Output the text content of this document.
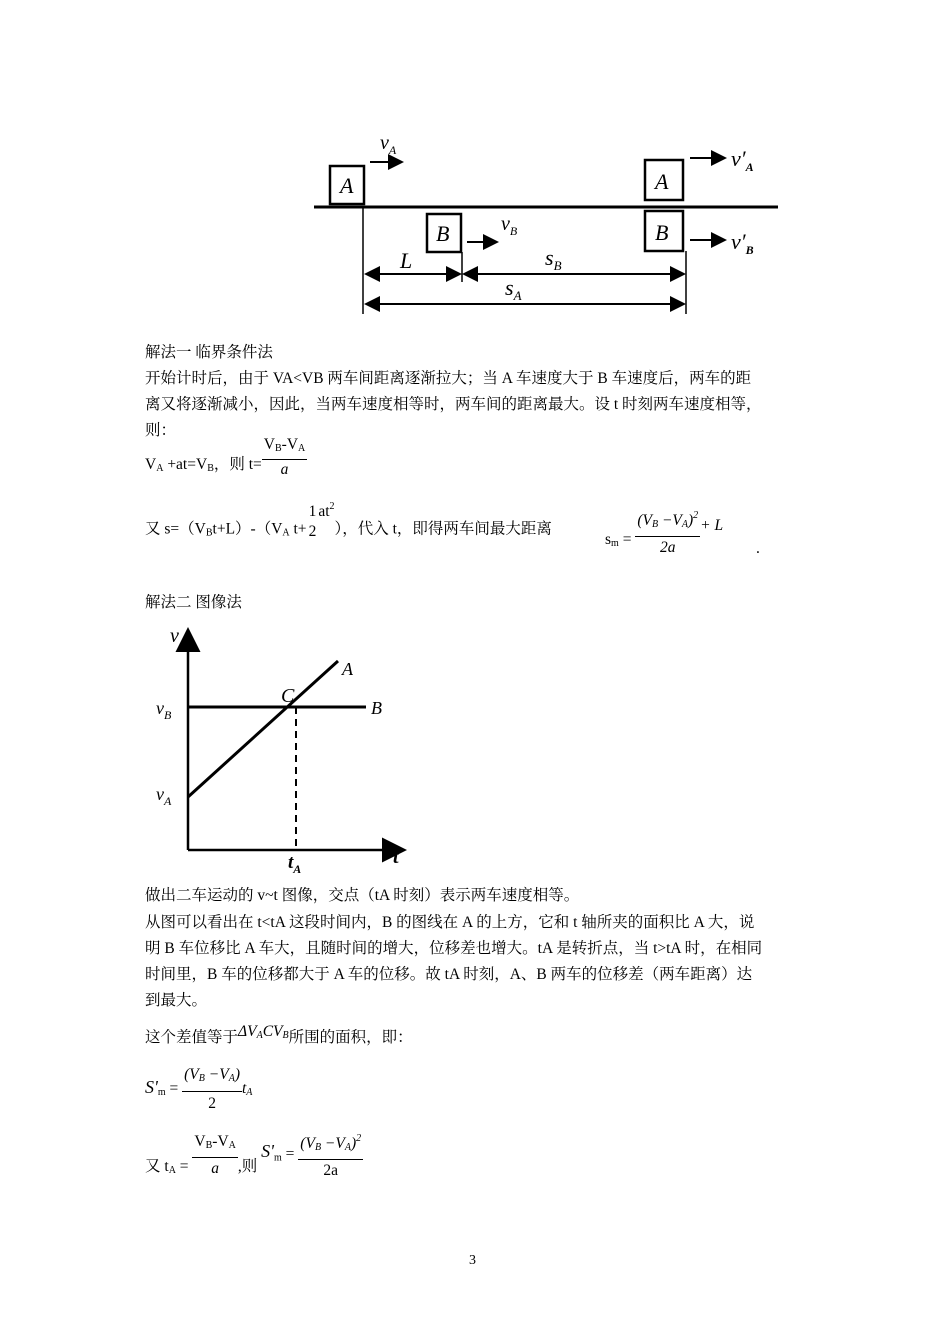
A
$v_A$
A
$v'_A$
B	$v_B$	B	$v'_B$
L	$s_B$
$s_A$
解法一 临界条件法
开始计时后，由于 VA<VB 两车间距离逐渐拉大；当 A 车速度大于 B 车速度后，两车的距
离又将逐渐减小，因此，当两车速度相等时，两车间的距离最大。设 t 时刻两车速度相等，
则：
$V_A +at=V_B$，则 $t= \frac{V_B-V_A}{a}$
又 $s=(V_Bt+L)-(V_A$ t+
1
2
$at^2$），代入 t，即得两车间最大距离
$s_m = \frac{(V_B -V_A)^2}{2a} + L$
.
解法二 图像法
v
t
B
A
C
$v_B$
$v_A$
$t_A$
做出二车运动的 v~t 图像，交点（tA 时刻）表示两车速度相等。
从图可以看出在 t<tA 这段时间内，B 的图线在 A 的上方，它和 t 轴所夹的面积比 A 大，说
明 B 车位移比 A 车大，且随时间的增大，位移差也增大。tA 是转折点，当 t>tA 时，在相同
时间里，B 车的位移都大于 A 车的位移。故 tA 时刻，A、B 两车的位移差（两车距离）达
到最大。
这个差值等于$\Delta V_ACV_B$所围的面积，即：
$S'_m = \frac{(V_B -V_A)}{2} t_A$
又 $t_A = \frac{V_B-V_A}{a}$ ,则 $S'_m = \frac{(V_B -V_A)^2}{2a}$
3
